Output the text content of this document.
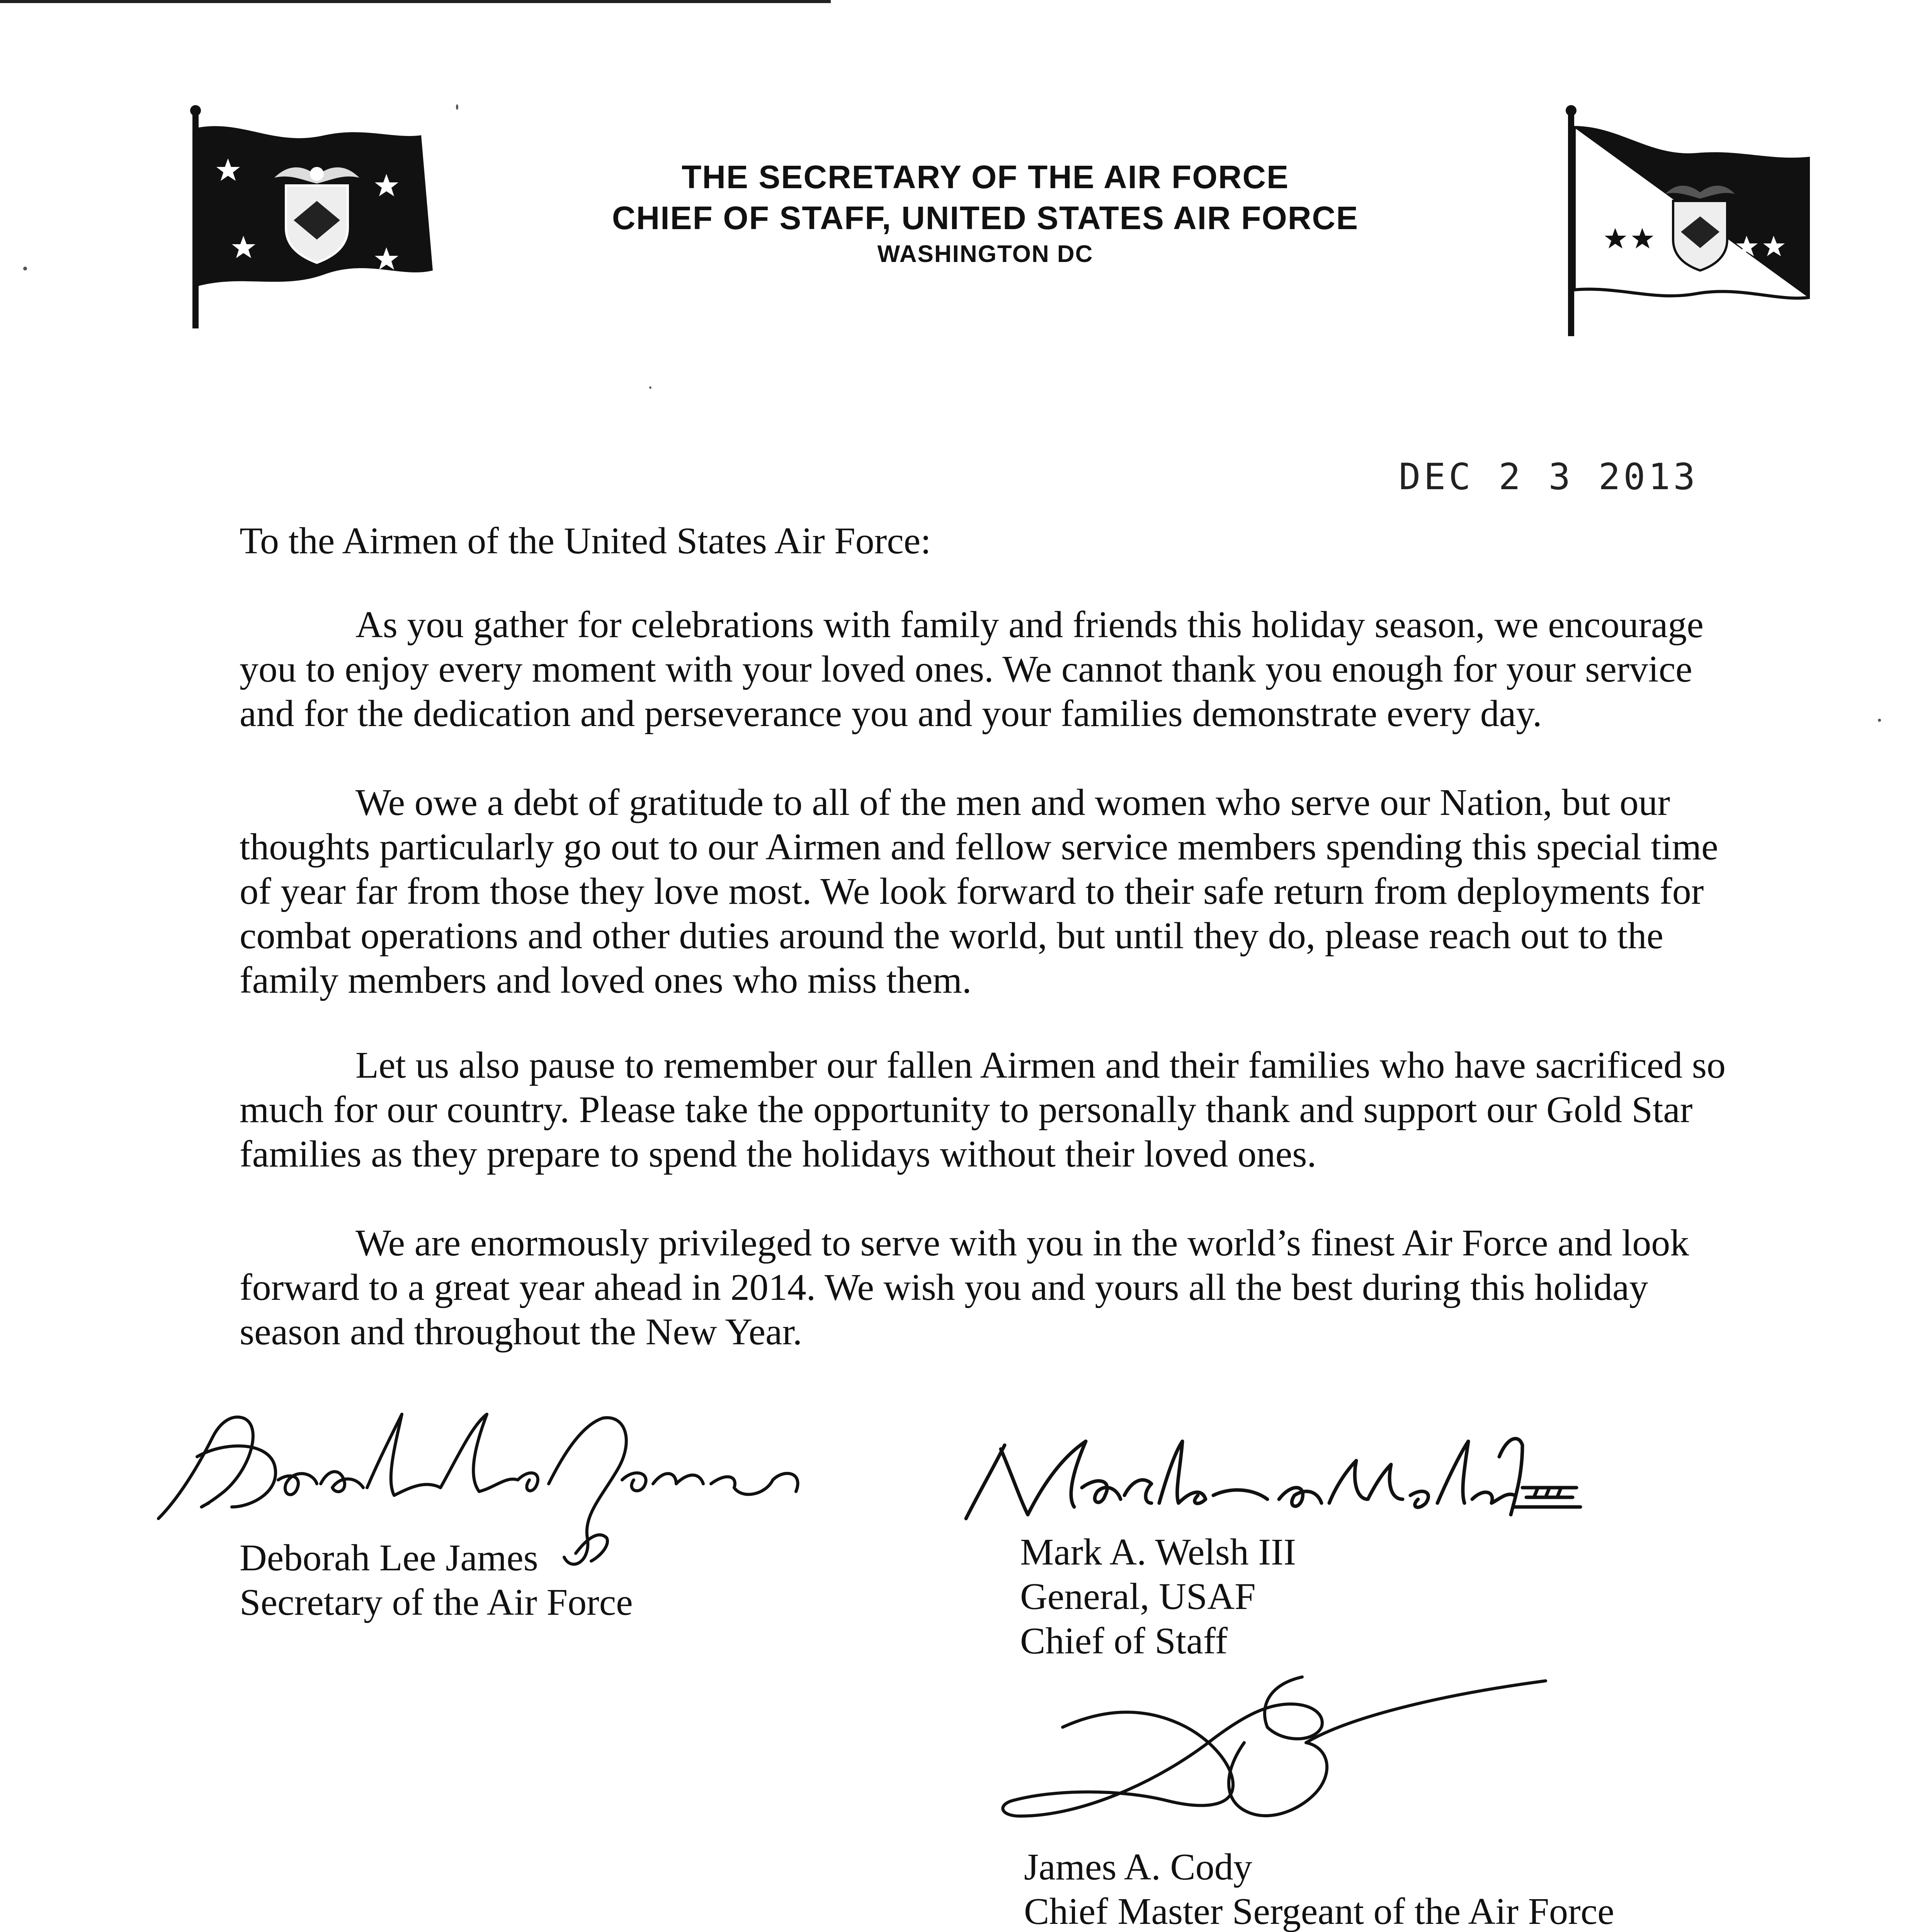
THE SECRETARY OF THE AIR FORCE
CHIEF OF STAFF, UNITED STATES AIR FORCE
WASHINGTON DC
DEC 2 3 2013
To the Airmen of the United States Air Force:
As you gather for celebrations with family and friends this holiday season, we encourage
you to enjoy every moment with your loved ones. We cannot thank you enough for your service
and for the dedication and perseverance you and your families demonstrate every day.
We owe a debt of gratitude to all of the men and women who serve our Nation, but our
thoughts particularly go out to our Airmen and fellow service members spending this special time
of year far from those they love most. We look forward to their safe return from deployments for
combat operations and other duties around the world, but until they do, please reach out to the
family members and loved ones who miss them.
Let us also pause to remember our fallen Airmen and their families who have sacrificed so
much for our country. Please take the opportunity to personally thank and support our Gold Star
families as they prepare to spend the holidays without their loved ones.
We are enormously privileged to serve with you in the world’s finest Air Force and look
forward to a great year ahead in 2014. We wish you and yours all the best during this holiday
season and throughout the New Year.
Deborah Lee James
Secretary of the Air Force
Mark A. Welsh III
General, USAF
Chief of Staff
James A. Cody
Chief Master Sergeant of the Air Force
